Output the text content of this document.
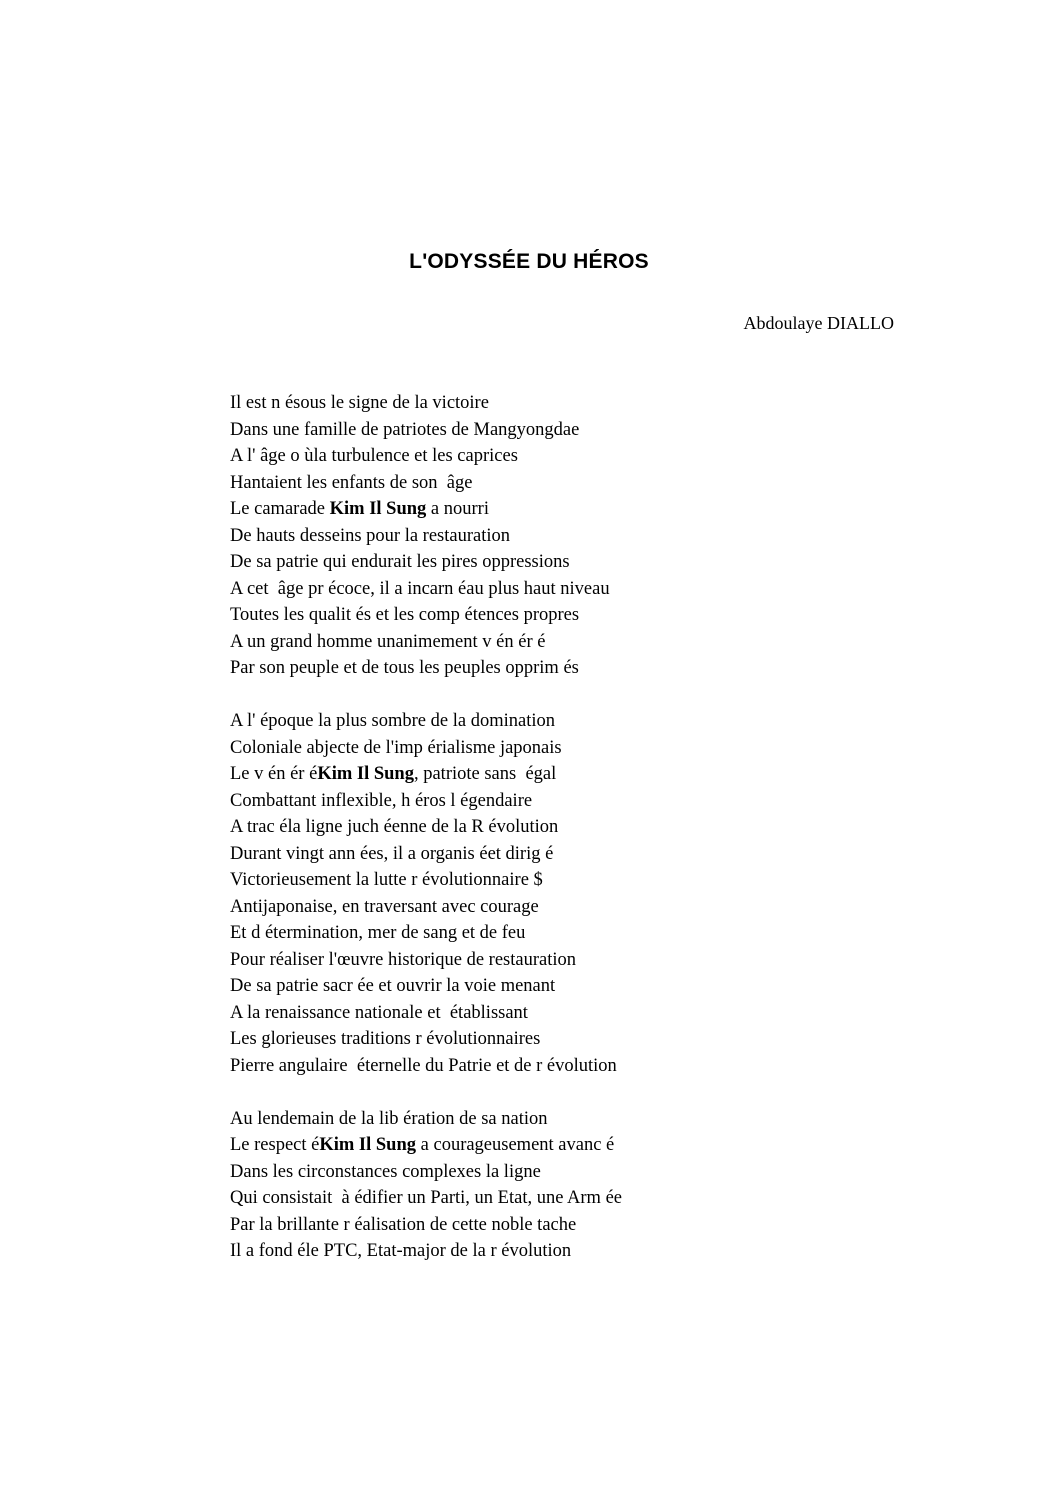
L'ODYSSÉE DU HÉROS

Abdoulaye DIALLO

Il est n ésous le signe de la victoire
Dans une famille de patriotes de Mangyongdae
A l' âge o ùla turbulence et les caprices
Hantaient les enfants de son  âge
Le camarade Kim Il Sung a nourri
De hauts desseins pour la restauration
De sa patrie qui endurait les pires oppressions
A cet  âge pr écoce, il a incarn éau plus haut niveau
Toutes les qualit és et les comp étences propres
A un grand homme unanimement v én ér é
Par son peuple et de tous les peuples opprim és
A l' époque la plus sombre de la domination
Coloniale abjecte de l'imp érialisme japonais
Le v én ér éKim Il Sung, patriote sans  égal
Combattant inflexible, h éros l égendaire
A trac éla ligne juch éenne de la R évolution
Durant vingt ann ées, il a organis éet dirig é
Victorieusement la lutte r évolutionnaire $
Antijaponaise, en traversant avec courage
Et d étermination, mer de sang et de feu
Pour réaliser l'œuvre historique de restauration
De sa patrie sacr ée et ouvrir la voie menant
A la renaissance nationale et  établissant
Les glorieuses traditions r évolutionnaires
Pierre angulaire  éternelle du Patrie et de r évolution
Au lendemain de la lib ération de sa nation
Le respect éKim Il Sung a courageusement avanc é
Dans les circonstances complexes la ligne
Qui consistait  à édifier un Parti, un Etat, une Arm ée
Par la brillante r éalisation de cette noble tache
Il a fond éle PTC, Etat-major de la r évolution
